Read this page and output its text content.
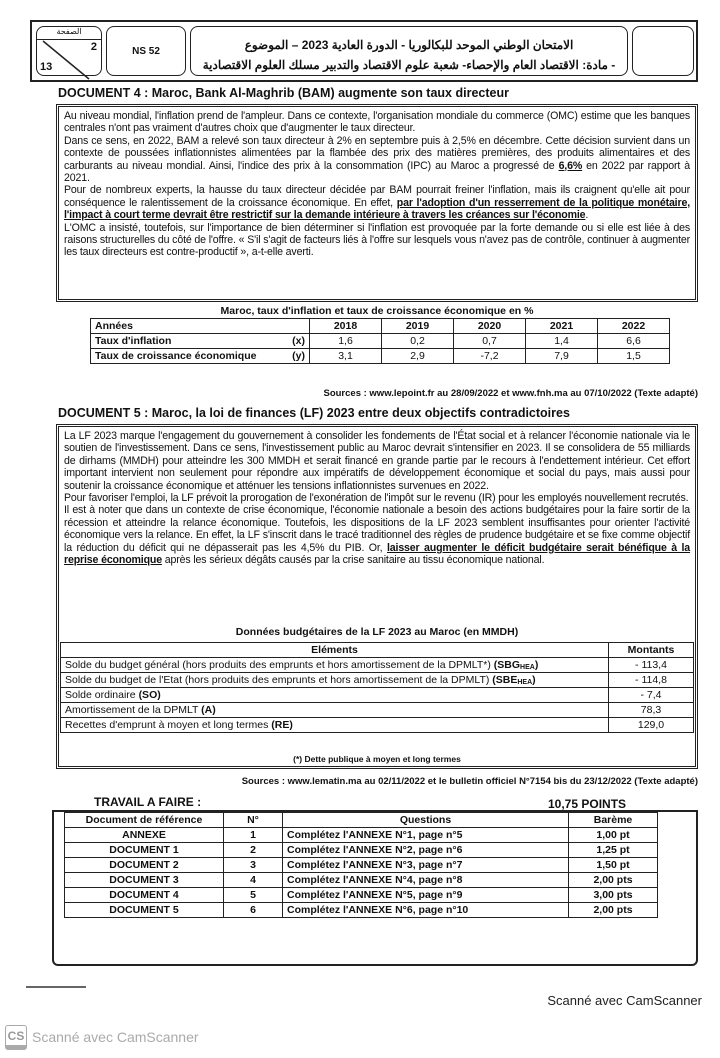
الصفحة
2
13
NS 52	الامتحان الوطني الموحد للبكالوريا - الدورة العادية 2023 – الموضوع
- مادة: الاقتصاد العام والإحصاء- شعبة علوم الاقتصاد والتدبير مسلك العلوم الاقتصادية
DOCUMENT 4 : Maroc, Bank Al-Maghrib (BAM) augmente son taux directeur

Au niveau mondial, l'inflation prend de l'ampleur. Dans ce contexte, l'organisation mondiale du commerce (OMC) estime que les banques centrales n'ont pas vraiment d'autres choix que d'augmenter le taux directeur.

Dans ce sens, en 2022, BAM a relevé son taux directeur à 2% en septembre puis à 2,5% en décembre. Cette décision survient dans un contexte de poussées inflationnistes alimentées par la flambée des prix des matières premières, des produits alimentaires et des carburants au niveau mondial. Ainsi, l'indice des prix à la consommation (IPC) au Maroc a progressé de 6,6% en 2022 par rapport à 2021.

Pour de nombreux experts, la hausse du taux directeur décidée par BAM pourrait freiner l'inflation, mais ils craignent qu'elle ait pour conséquence le ralentissement de la croissance économique. En effet, par l'adoption d'un resserrement de la politique monétaire, l'impact à court terme devrait être restrictif sur la demande intérieure à travers les créances sur l'économie.

L'OMC a insisté, toutefois, sur l'importance de bien déterminer si l'inflation est provoquée par la forte demande ou si elle est liée à des raisons structurelles du côté de l'offre. « S'il s'agit de facteurs liés à l'offre sur lesquels vous n'avez pas de contrôle, continuer à augmenter les taux directeurs est contre-productif », a-t-elle averti.

Maroc, taux d'inflation et taux de croissance économique en %
Années	2018	2019	2020	2021	2022
Taux d'inflation (x)	1,6	0,2	0,7	1,4	6,6
Taux de croissance économique (y)	3,1	2,9	-7,2	7,9	1,5
Sources : www.lepoint.fr au 28/09/2022 et www.fnh.ma au 07/10/2022 (Texte adapté)
DOCUMENT 5 : Maroc, la loi de finances (LF) 2023 entre deux objectifs contradictoires

La LF 2023 marque l'engagement du gouvernement à consolider les fondements de l'État social et à relancer l'économie nationale via le soutien de l'investissement. Dans ce sens, l'investissement public au Maroc devrait s'intensifier en 2023. Il se consolidera de 55 milliards de dirhams (MMDH) pour atteindre les 300 MMDH et serait financé en grande partie par le recours à l'endettement intérieur. Cet effort important intervient non seulement pour répondre aux impératifs de développement économique et social du pays, mais aussi pour soutenir la croissance économique et atténuer les tensions inflationnistes survenues en 2022.

Pour favoriser l'emploi, la LF prévoit la prorogation de l'exonération de l'impôt sur le revenu (IR) pour les employés nouvellement recrutés.

Il est à noter que dans un contexte de crise économique, l'économie nationale a besoin des actions budgétaires pour la faire sortir de la récession et atteindre la relance économique. Toutefois, les dispositions de la LF 2023 semblent insuffisantes pour orienter l'activité économique vers la relance. En effet, la LF s'inscrit dans le tracé traditionnel des règles de prudence budgétaire et se fixe comme objectif la réduction du déficit qui ne dépasserait pas les 4,5% du PIB. Or, laisser augmenter le déficit budgétaire serait bénéfique à la reprise économique après les sérieux dégâts causés par la crise sanitaire au tissu économique national.

Données budgétaires de la LF 2023 au Maroc (en MMDH)
Eléments	Montants
Solde du budget général (hors produits des emprunts et hors amortissement de la DPMLT*) $(SBG_{HEA})$	- 113,4
Solde du budget de l'Etat (hors produits des emprunts et hors amortissement de la DPMLT) $(SBE_{HEA})$	- 114,8
Solde ordinaire (SO)	- 7,4
Amortissement de la DPMLT (A)	78,3
Recettes d'emprunt à moyen et long termes (RE)	129,0
(*) Dette publique à moyen et long termes
Sources : www.lematin.ma au 02/11/2022 et le bulletin officiel N°7154 bis du 23/12/2022 (Texte adapté)
TRAVAIL A FAIRE :	10,75 POINTS
Document de référence	N°	Questions	Barème
ANNEXE	1	Complétez l'ANNEXE N°1, page n°5	1,00 pt
DOCUMENT 1	2	Complétez l'ANNEXE N°2, page n°6	1,25 pt
DOCUMENT 2	3	Complétez l'ANNEXE N°3, page n°7	1,50 pt
DOCUMENT 3	4	Complétez l'ANNEXE N°4, page n°8	2,00 pts
DOCUMENT 4	5	Complétez l'ANNEXE N°5, page n°9	3,00 pts
DOCUMENT 5	6	Complétez l'ANNEXE N°6, page n°10	2,00 pts
Scanné avec CamScanner
CS Scanné avec CamScanner
